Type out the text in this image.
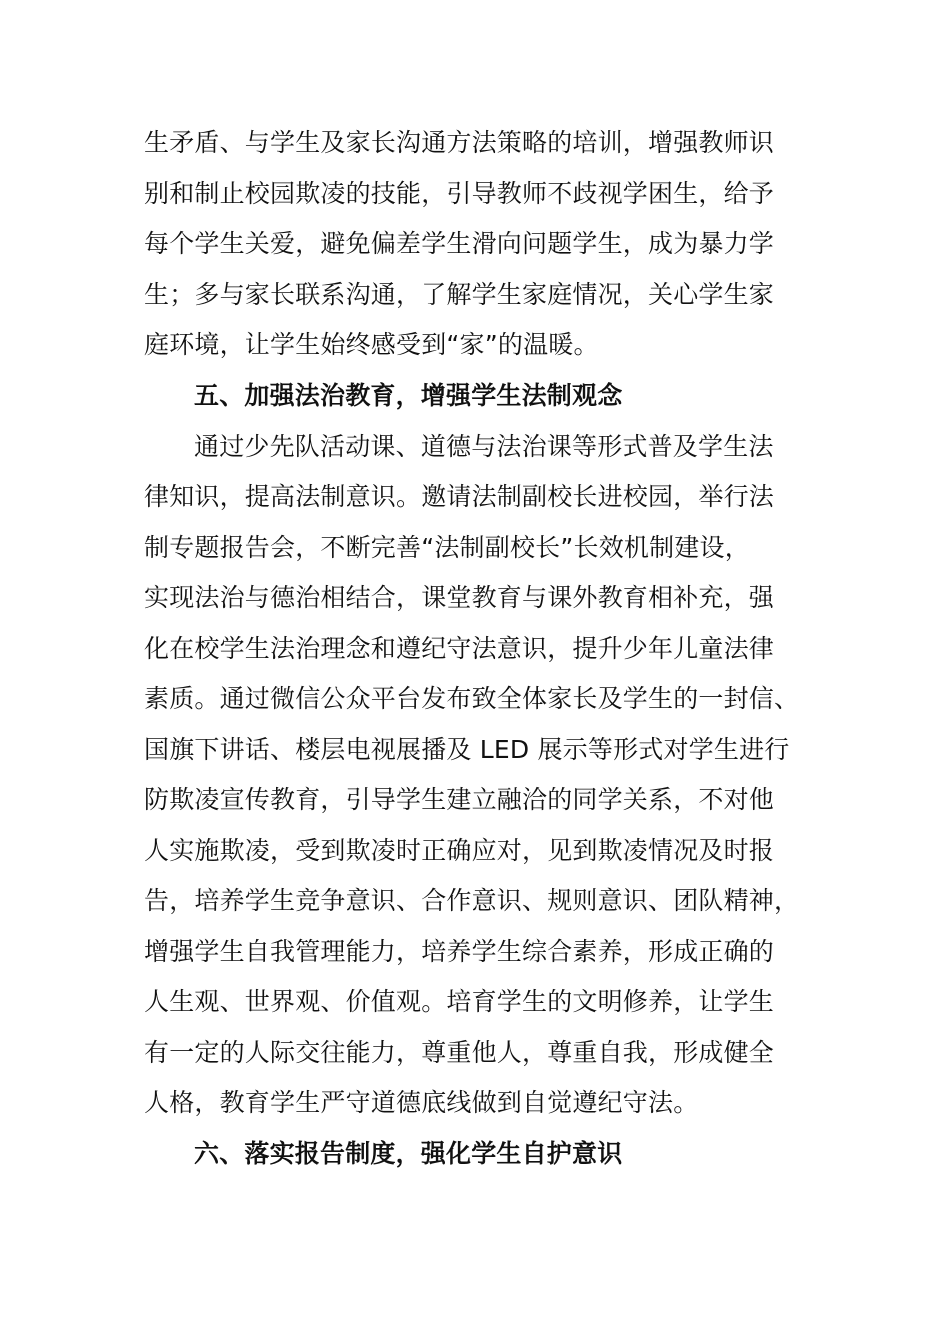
生矛盾、与学生及家长沟通方法策略的培训，增强教师识
别和制止校园欺凌的技能，引导教师不歧视学困生，给予
每个学生关爱，避免偏差学生滑向问题学生，成为暴力学
生；多与家长联系沟通，了解学生家庭情况，关心学生家
庭环境，让学生始终感受到“家”的温暖。
五、加强法治教育，增强学生法制观念
通过少先队活动课、道德与法治课等形式普及学生法
律知识，提高法制意识。邀请法制副校长进校园，举行法
制专题报告会，不断完善“法制副校长”长效机制建设，
实现法治与德治相结合，课堂教育与课外教育相补充，强
化在校学生法治理念和遵纪守法意识，提升少年儿童法律
素质。通过微信公众平台发布致全体家长及学生的一封信、
国旗下讲话、楼层电视展播及 LED 展示等形式对学生进行
防欺凌宣传教育，引导学生建立融洽的同学关系，不对他
人实施欺凌，受到欺凌时正确应对，见到欺凌情况及时报
告，培养学生竞争意识、合作意识、规则意识、团队精神，
增强学生自我管理能力，培养学生综合素养，形成正确的
人生观、世界观、价值观。培育学生的文明修养，让学生
有一定的人际交往能力，尊重他人，尊重自我，形成健全
人格，教育学生严守道德底线做到自觉遵纪守法。
六、落实报告制度，强化学生自护意识
